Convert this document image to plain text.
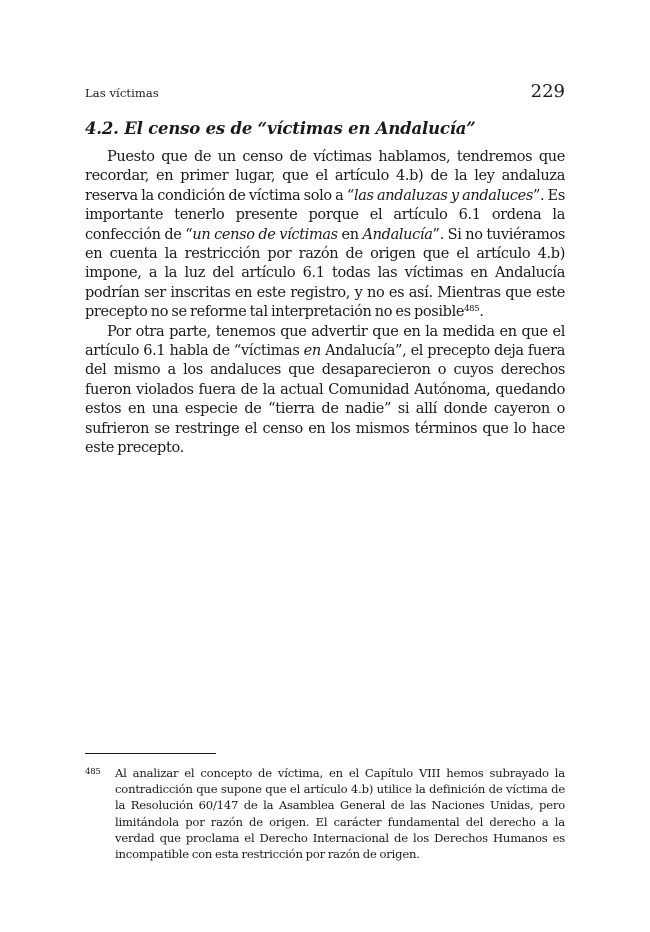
Las víctimas	229
4.2. El censo es de “víctimas en Andalucía”

Puesto que de un censo de víctimas hablamos, tendremos que recordar, en primer lugar, que el artículo 4.b) de la ley andaluza reserva la condición de víctima solo a “las andaluzas y andaluces”. Es importante tenerlo presente porque el artículo 6.1 ordena la confección de “un censo de víctimas en Andalucía”. Si no tuviéramos en cuenta la restricción por razón de origen que el artículo 4.b) impone, a la luz del artículo 6.1 todas las víctimas en Andalucía podrían ser inscritas en este registro, y no es así. Mientras que este precepto no se reforme tal interpretación no es posible$^{485}$.

Por otra parte, tenemos que advertir que en la medida en que el artículo 6.1 habla de “víctimas en Andalucía”, el precepto deja fuera del mismo a los andaluces que desaparecieron o cuyos derechos fueron violados fuera de la actual Comunidad Autónoma, quedando estos en una especie de “tierra de nadie” si allí donde cayeron o sufrieron se restringe el censo en los mismos términos que lo hace este precepto.

485 Al analizar el concepto de víctima, en el Capítulo VIII hemos subrayado la contradicción que supone que el artículo 4.b) utilice la definición de víctima de la Resolución 60/147 de la Asamblea General de las Naciones Unidas, pero limitándola por razón de origen. El carácter fundamental del derecho a la verdad que proclama el Derecho Internacional de los Derechos Humanos es incompatible con esta restricción por razón de origen.
